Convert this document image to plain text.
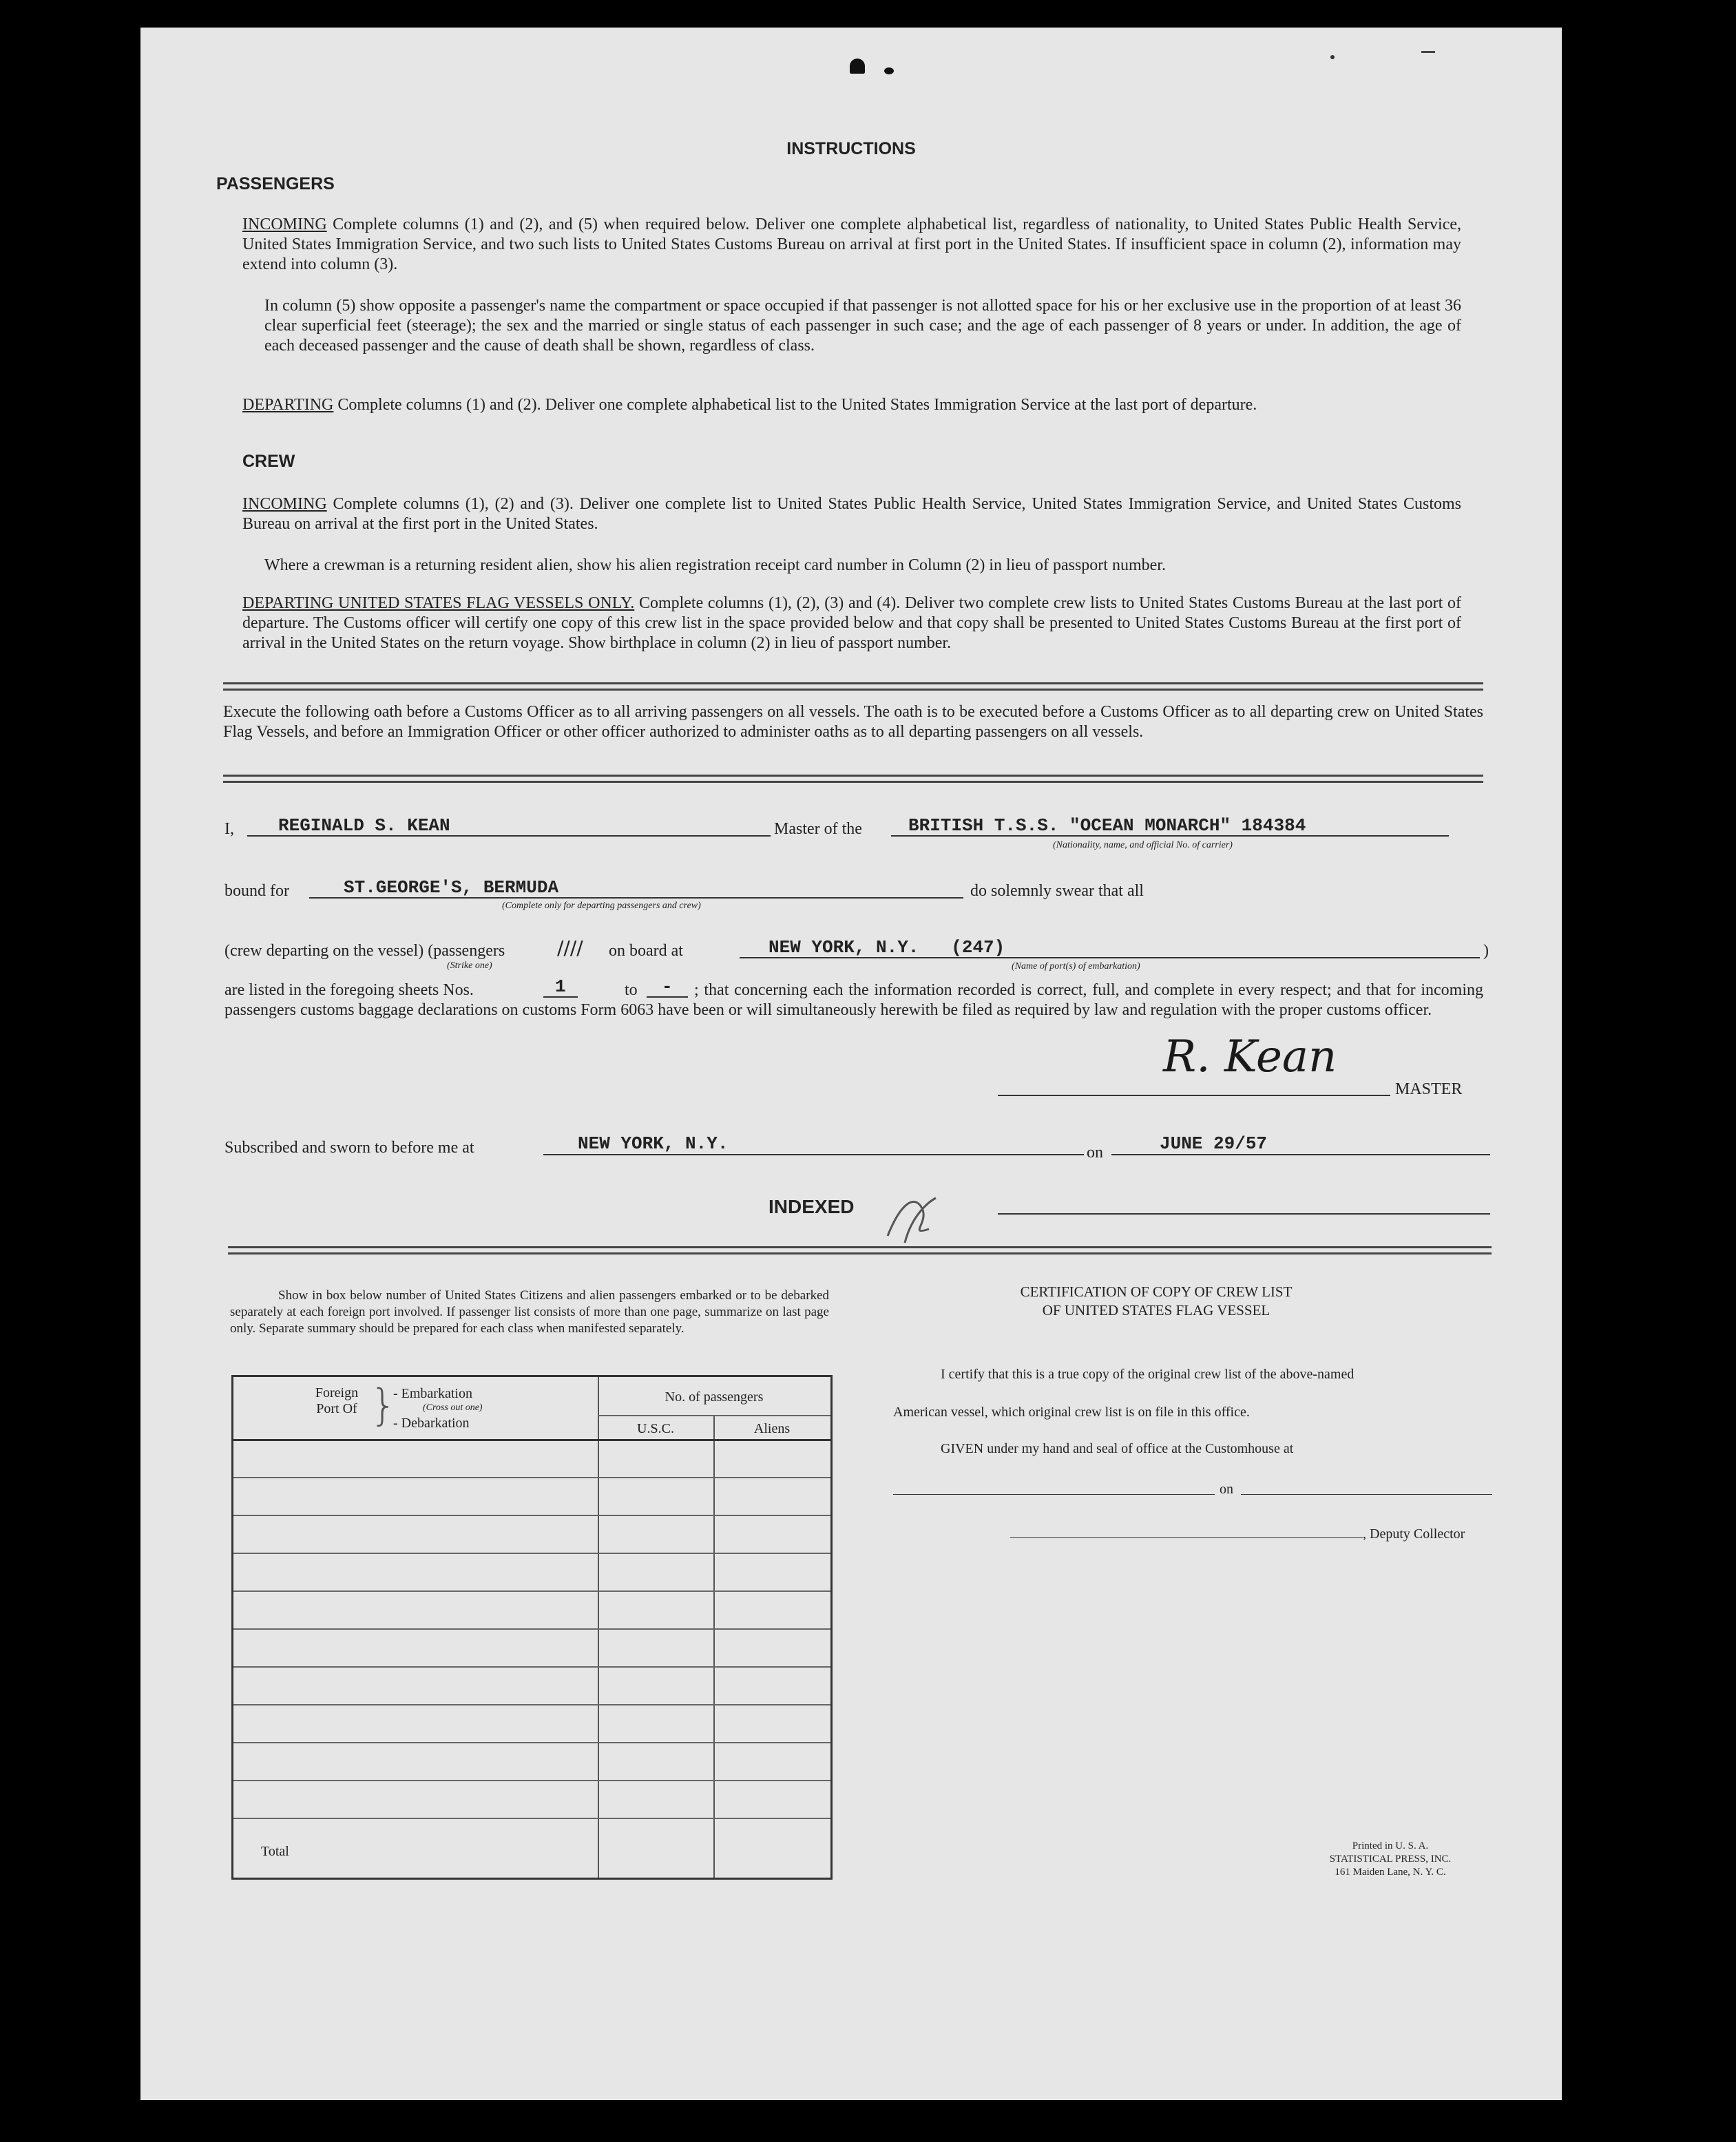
INSTRUCTIONS
PASSENGERS
INCOMING Complete columns (1) and (2), and (5) when required below. Deliver one complete alphabetical list, regardless of nationality, to United States Public Health Service, United States Immigration Service, and two such lists to United States Customs Bureau on arrival at first port in the United States. If insufficient space in column (2), information may extend into column (3).
In column (5) show opposite a passenger's name the compartment or space occupied if that passenger is not allotted space for his or her exclusive use in the proportion of at least 36 clear superficial feet (steerage); the sex and the married or single status of each passenger in such case; and the age of each passenger of 8 years or under. In addition, the age of each deceased passenger and the cause of death shall be shown, regardless of class.
DEPARTING Complete columns (1) and (2). Deliver one complete alphabetical list to the United States Immigration Service at the last port of departure.
CREW
INCOMING Complete columns (1), (2) and (3). Deliver one complete list to United States Public Health Service, United States Immigration Service, and United States Customs Bureau on arrival at the first port in the United States.
Where a crewman is a returning resident alien, show his alien registration receipt card number in Column (2) in lieu of passport number.
DEPARTING UNITED STATES FLAG VESSELS ONLY. Complete columns (1), (2), (3) and (4). Deliver two complete crew lists to United States Customs Bureau at the last port of departure. The Customs officer will certify one copy of this crew list in the space provided below and that copy shall be presented to United States Customs Bureau at the first port of arrival in the United States on the return voyage. Show birthplace in column (2) in lieu of passport number.
Execute the following oath before a Customs Officer as to all arriving passengers on all vessels. The oath is to be executed before a Customs Officer as to all departing crew on United States Flag Vessels, and before an Immigration Officer or other officer authorized to administer oaths as to all departing passengers on all vessels.
I, REGINALD S. KEAN	Master of the	BRITISH T.S.S. "OCEAN MONARCH" 184384
(Nationality, name, and official No. of carrier)
bound for	ST.GEORGE'S, BERMUDA
(Complete only for departing passengers and crew)
do solemnly swear that all
(crew departing on the vessel) (passengers	//// on board at
(Strike one)
NEW YORK, N.Y.   (247)	)
(Name of port(s) of embarkation)
are listed in the foregoing sheets Nos.	1	to -	; that concerning each the information recorded is correct, full, and complete in every respect; and that for incoming passengers customs baggage declarations on customs Form 6063 have been or will simultaneously herewith be filed as required by law and regulation with the proper customs officer.
R. Kean
MASTER
Subscribed and sworn to before me at	NEW YORK, N.Y.	on	JUNE 29/57
INDEXED
Show in box below number of United States Citizens and alien passengers embarked or to be debarked separately at each foreign port involved. If passenger list consists of more than one page, summarize on last page only. Separate summary should be prepared for each class when manifested separately.
Foreign Port Of }
- Embarkation
(Cross out one)
- Debarkation
No. of passengers
U.S.C.	Aliens
Total
CERTIFICATION OF COPY OF CREW LIST
OF UNITED STATES FLAG VESSEL
I certify that this is a true copy of the original crew list of the above-named
American vessel, which original crew list is on file in this office.
GIVEN under my hand and seal of office at the Customhouse at
on
, Deputy Collector
Printed in U. S. A.
STATISTICAL PRESS, INC.
161 Maiden Lane, N. Y. C.
